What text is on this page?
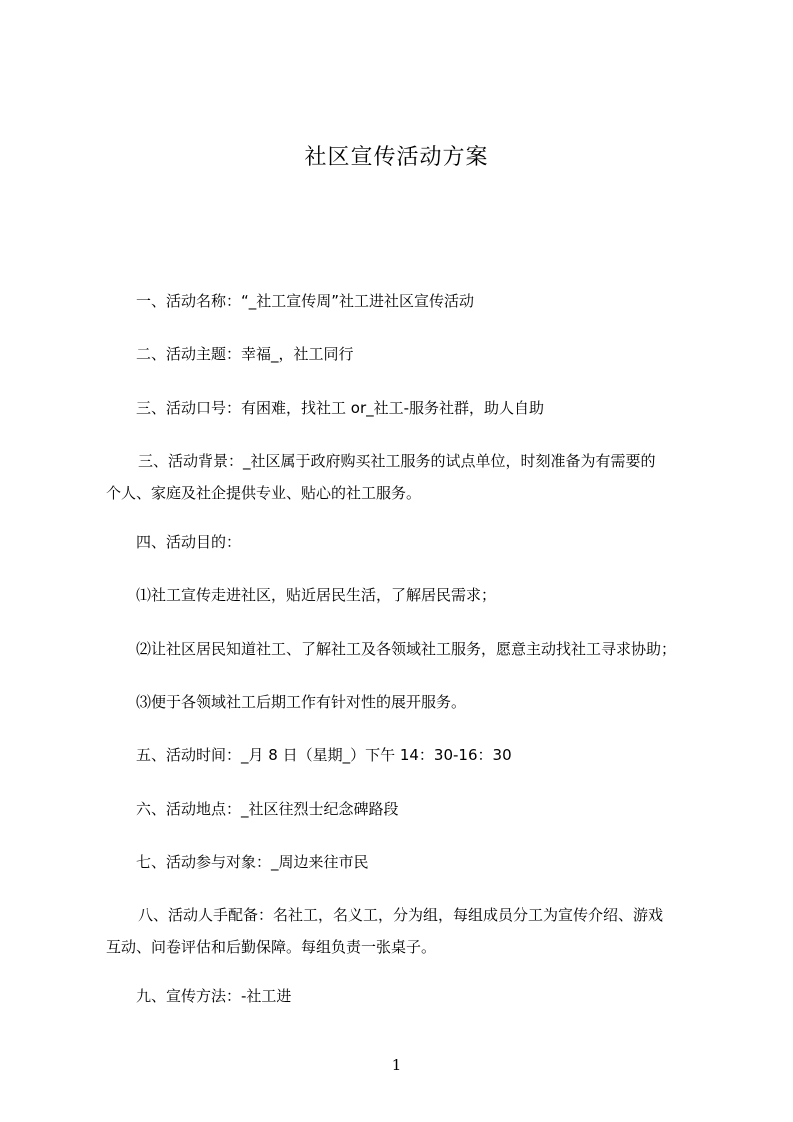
社区宣传活动方案
一、活动名称：“_社工宣传周”社工进社区宣传活动
二、活动主题：幸福_，社工同行
三、活动口号：有困难，找社工 or_社工-服务社群，助人自助
三、活动背景：_社区属于政府购买社工服务的试点单位，时刻准备为有需要的
个人、家庭及社企提供专业、贴心的社工服务。
四、活动目的：
⑴社工宣传走进社区，贴近居民生活，了解居民需求；
⑵让社区居民知道社工、了解社工及各领域社工服务，愿意主动找社工寻求协助；
⑶便于各领域社工后期工作有针对性的展开服务。
五、活动时间：_月 8 日（星期_）下午 14：30-16：30
六、活动地点：_社区往烈士纪念碑路段
七、活动参与对象：_周边来往市民
八、活动人手配备：名社工，名义工，分为组，每组成员分工为宣传介绍、游戏
互动、问卷评估和后勤保障。每组负责一张桌子。
九、宣传方法：-社工进
1
